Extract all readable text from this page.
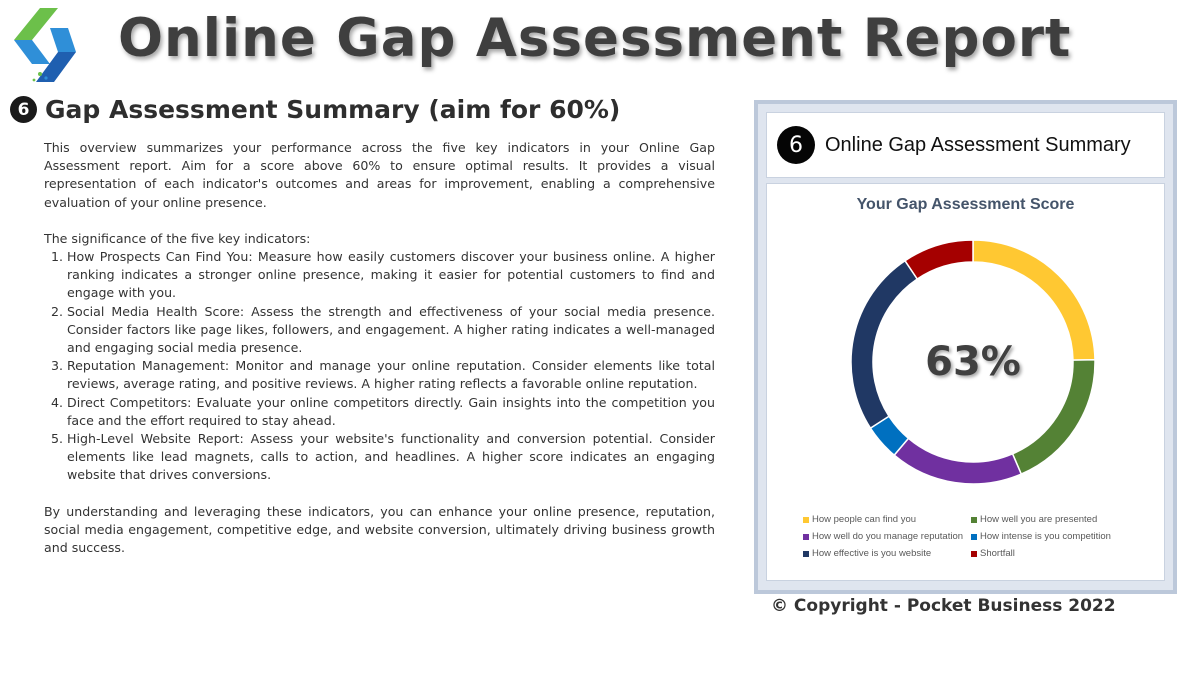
Online Gap Assessment Report
6 Gap Assessment Summary (aim for 60%)

This overview summarizes your performance across the five key indicators in your Online Gap Assessment report. Aim for a score above 60% to ensure optimal results. It provides a visual representation of each indicator's outcomes and areas for improvement, enabling a comprehensive evaluation of your online presence.

The significance of the five key indicators:

1. How Prospects Can Find You: Measure how easily customers discover your business online. A higher ranking indicates a stronger online presence, making it easier for potential customers to find and engage with you.
2. Social Media Health Score: Assess the strength and effectiveness of your social media presence. Consider factors like page likes, followers, and engagement. A higher rating indicates a well-managed and engaging social media presence.
3. Reputation Management: Monitor and manage your online reputation. Consider elements like total reviews, average rating, and positive reviews. A higher rating reflects a favorable online reputation.
4. Direct Competitors: Evaluate your online competitors directly. Gain insights into the competition you face and the effort required to stay ahead.
5. High-Level Website Report: Assess your website's functionality and conversion potential. Consider elements like lead magnets, calls to action, and headlines. A higher score indicates an engaging website that drives conversions.

By understanding and leveraging these indicators, you can enhance your online presence, reputation, social media engagement, competitive edge, and website conversion, ultimately driving business growth and success.

6	Online Gap Assessment Summary
Your Gap Assessment Score
63%
How people can find you	How well you are presented
How well do you manage reputation How intense is you competition
How effective is you website	Shortfall
© Copyright - Pocket Business 2022
